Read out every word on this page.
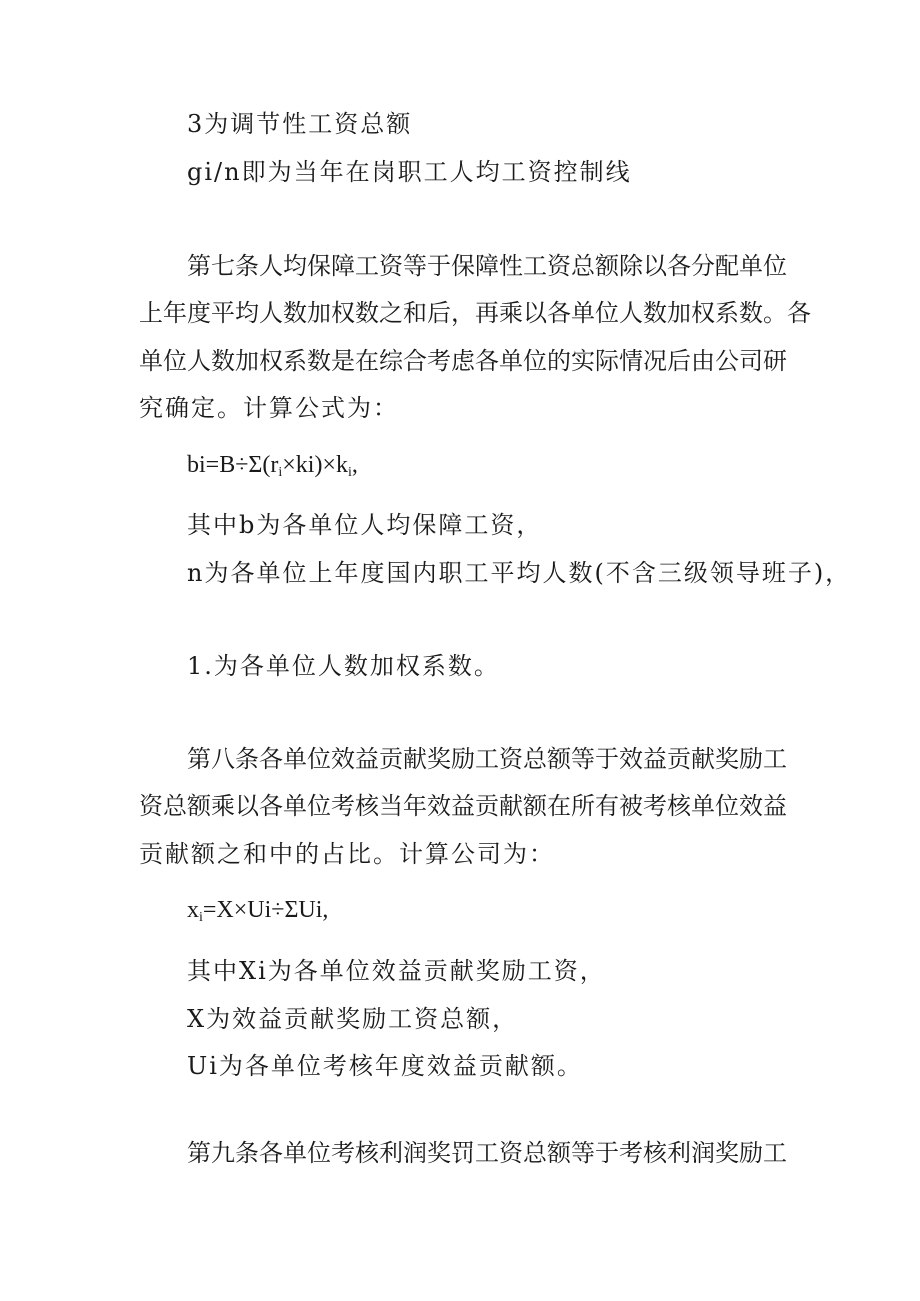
3为调节性工资总额
gi/n即为当年在岗职工人均工资控制线
第七条人均保障工资等于保障性工资总额除以各分配单位
上年度平均人数加权数之和后，再乘以各单位人数加权系数。各
单位人数加权系数是在综合考虑各单位的实际情况后由公司研
究确定。计算公式为：
$bi=B\div\Sigma(r_i\times ki)\times k_i$,
其中b为各单位人均保障工资，
n为各单位上年度国内职工平均人数(不含三级领导班子)，
1.为各单位人数加权系数。
第八条各单位效益贡献奖励工资总额等于效益贡献奖励工
资总额乘以各单位考核当年效益贡献额在所有被考核单位效益
贡献额之和中的占比。计算公司为：
$x_i=X\times Ui\div\Sigma Ui$,
其中Xi为各单位效益贡献奖励工资，
X为效益贡献奖励工资总额，
Ui为各单位考核年度效益贡献额。
第九条各单位考核利润奖罚工资总额等于考核利润奖励工
